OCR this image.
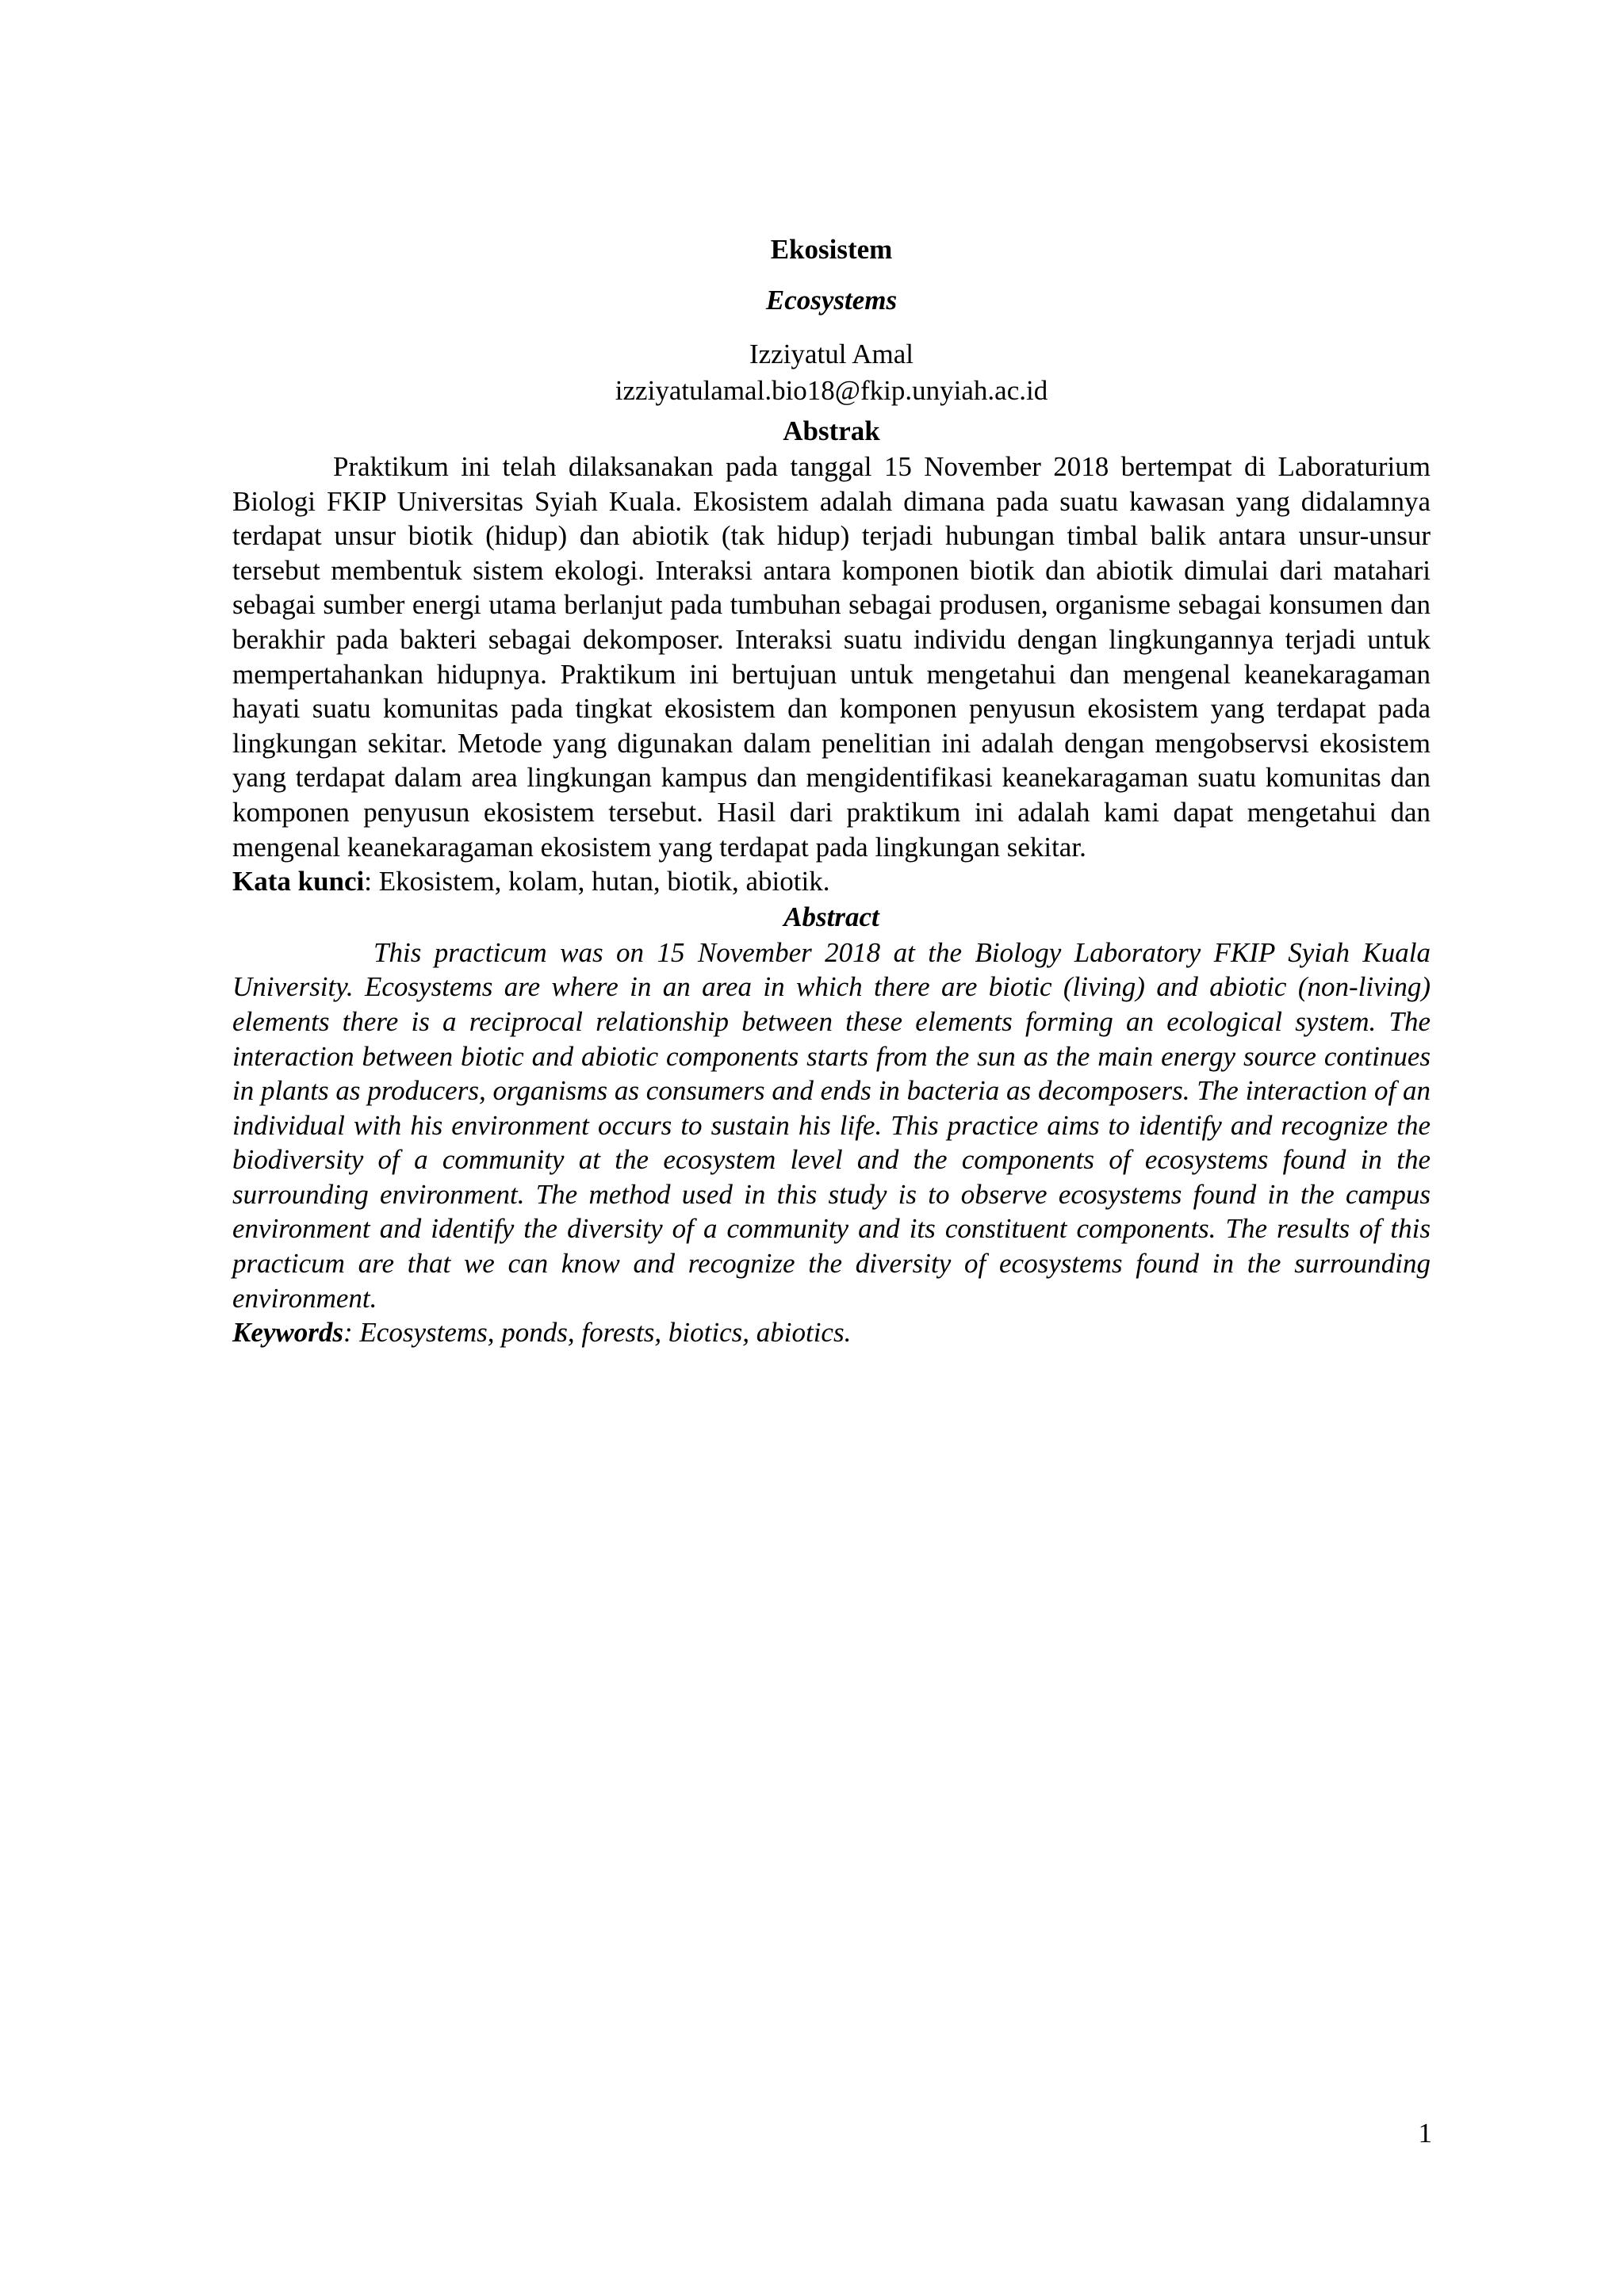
Ekosistem

Ecosystems

Izziyatul Amal

izziyatulamal.bio18@fkip.unyiah.ac.id

Abstrak

Praktikum ini telah dilaksanakan pada tanggal 15 November 2018 bertempat di Laboraturium Biologi FKIP Universitas Syiah Kuala. Ekosistem adalah dimana pada suatu kawasan yang didalamnya terdapat unsur biotik (hidup) dan abiotik (tak hidup) terjadi hubungan timbal balik antara unsur-unsur tersebut membentuk sistem ekologi. Interaksi antara komponen biotik dan abiotik dimulai dari matahari sebagai sumber energi utama berlanjut pada tumbuhan sebagai produsen, organisme sebagai konsumen dan berakhir pada bakteri sebagai dekomposer. Interaksi suatu individu dengan lingkungannya terjadi untuk mempertahankan hidupnya. Praktikum ini bertujuan untuk mengetahui dan mengenal keanekaragaman hayati suatu komunitas pada tingkat ekosistem dan komponen penyusun ekosistem yang terdapat pada lingkungan sekitar. Metode yang digunakan dalam penelitian ini adalah dengan mengobservsi ekosistem yang terdapat dalam area lingkungan kampus dan mengidentifikasi keanekaragaman suatu komunitas dan komponen penyusun ekosistem tersebut. Hasil dari praktikum ini adalah kami dapat mengetahui dan mengenal keanekaragaman ekosistem yang terdapat pada lingkungan sekitar.

Kata kunci: Ekosistem, kolam, hutan, biotik, abiotik.

Abstract

This practicum was on 15 November 2018 at the Biology Laboratory FKIP Syiah Kuala University. Ecosystems are where in an area in which there are biotic (living) and abiotic (non-living) elements there is a reciprocal relationship between these elements forming an ecological system. The interaction between biotic and abiotic components starts from the sun as the main energy source continues in plants as producers, organisms as consumers and ends in bacteria as decomposers. The interaction of an individual with his environment occurs to sustain his life. This practice aims to identify and recognize the biodiversity of a community at the ecosystem level and the components of ecosystems found in the surrounding environment. The method used in this study is to observe ecosystems found in the campus environment and identify the diversity of a community and its constituent components. The results of this practicum are that we can know and recognize the diversity of ecosystems found in the surrounding environment.

Keywords: Ecosystems, ponds, forests, biotics, abiotics.

1
